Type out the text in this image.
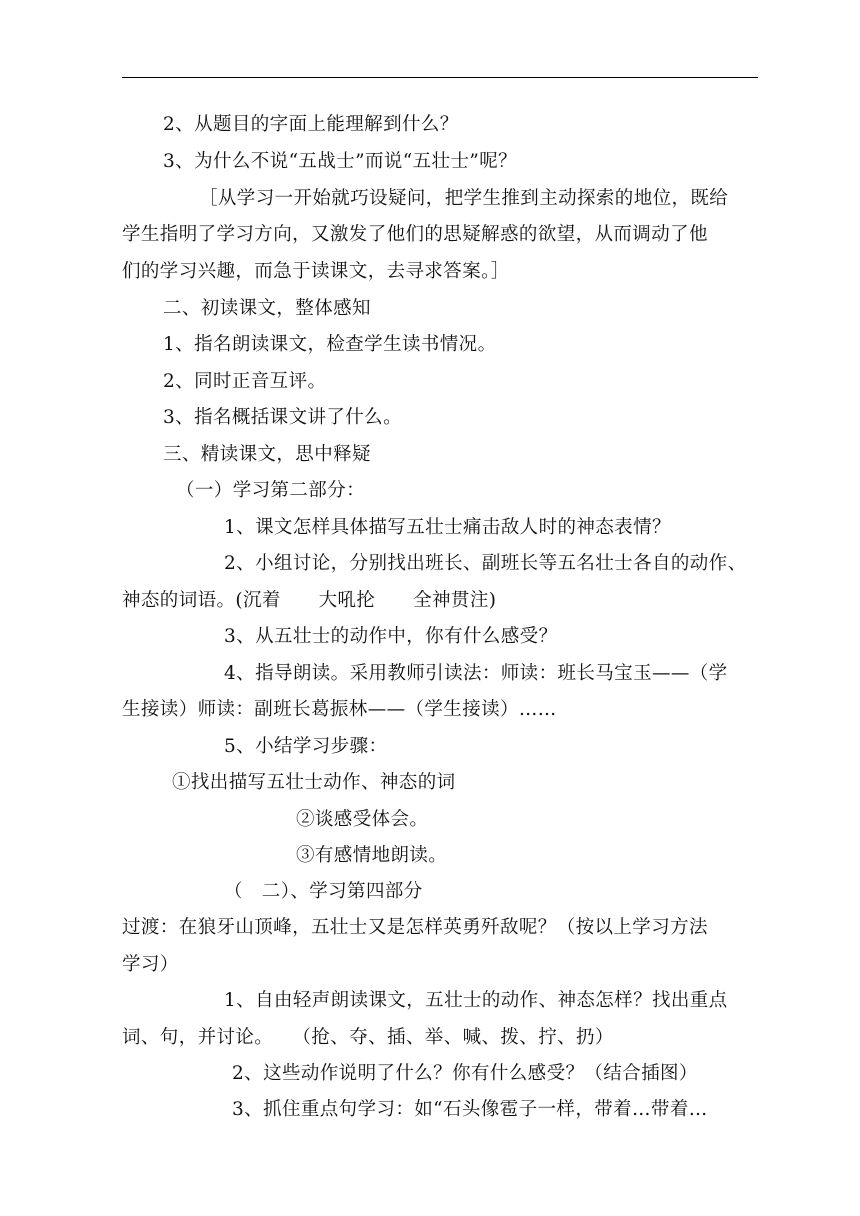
2、从题目的字面上能理解到什么？
3、为什么不说“五战士”而说“五壮士”呢？
［从学习一开始就巧设疑问，把学生推到主动探索的地位，既给
学生指明了学习方向，又激发了他们的思疑解惑的欲望，从而调动了他
们的学习兴趣，而急于读课文，去寻求答案。］
二、初读课文，整体感知
1、指名朗读课文，检查学生读书情况。
2、同时正音互评。
3、指名概括课文讲了什么。
三、精读课文，思中释疑
（一）学习第二部分：
1、课文怎样具体描写五壮士痛击敌人时的神态表情？
2、小组讨论，分别找出班长、副班长等五名壮士各自的动作、
神态的词语。(沉着　　大吼抡　　全神贯注)
3、从五壮士的动作中，你有什么感受？
4、指导朗读。采用教师引读法：师读：班长马宝玉——（学
生接读）师读：副班长葛振林——（学生接读）……
5、小结学习步骤：
①找出描写五壮士动作、神态的词
②谈感受体会。
③有感情地朗读。
（　二）、学习第四部分
过渡：在狼牙山顶峰，五壮士又是怎样英勇歼敌呢？（按以上学习方法
学习）
1、自由轻声朗读课文，五壮士的动作、神态怎样？找出重点
词、句，并讨论。　　（抢、夺、插、举、喊、拨、拧、扔）
2、这些动作说明了什么？你有什么感受？（结合插图）
3、抓住重点句学习：如“石头像雹子一样，带着…带着…
